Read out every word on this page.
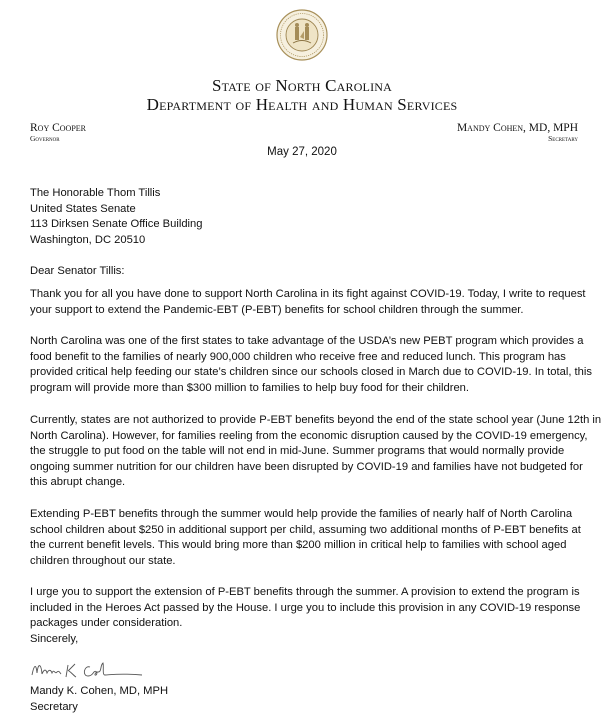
State of North Carolina
Department of Health and Human Services
Roy Cooper
Governor
Mandy Cohen, MD, MPH
Secretary
May 27, 2020
The Honorable Thom Tillis
United States Senate
113 Dirksen Senate Office Building
Washington, DC 20510
Dear Senator Tillis:
Thank you for all you have done to support North Carolina in its fight against COVID-19. Today, I write to request
your support to extend the Pandemic-EBT (P-EBT) benefits for school children through the summer.
North Carolina was one of the first states to take advantage of the USDA’s new PEBT program which provides a
food benefit to the families of nearly 900,000 children who receive free and reduced lunch. This program has
provided critical help feeding our state’s children since our schools closed in March due to COVID-19. In total, this
program will provide more than $300 million to families to help buy food for their children.
Currently, states are not authorized to provide P-EBT benefits beyond the end of the state school year (June 12th in
North Carolina). However, for families reeling from the economic disruption caused by the COVID-19 emergency,
the struggle to put food on the table will not end in mid-June. Summer programs that would normally provide
ongoing summer nutrition for our children have been disrupted by COVID-19 and families have not budgeted for
this abrupt change.
Extending P-EBT benefits through the summer would help provide the families of nearly half of North Carolina
school children about $250 in additional support per child, assuming two additional months of P-EBT benefits at
the current benefit levels. This would bring more than $200 million in critical help to families with school aged
children throughout our state.
I urge you to support the extension of P-EBT benefits through the summer. A provision to extend the program is
included in the Heroes Act passed by the House. I urge you to include this provision in any COVID-19 response
packages under consideration.
Sincerely,
Mandy K. Cohen, MD, MPH
Secretary
